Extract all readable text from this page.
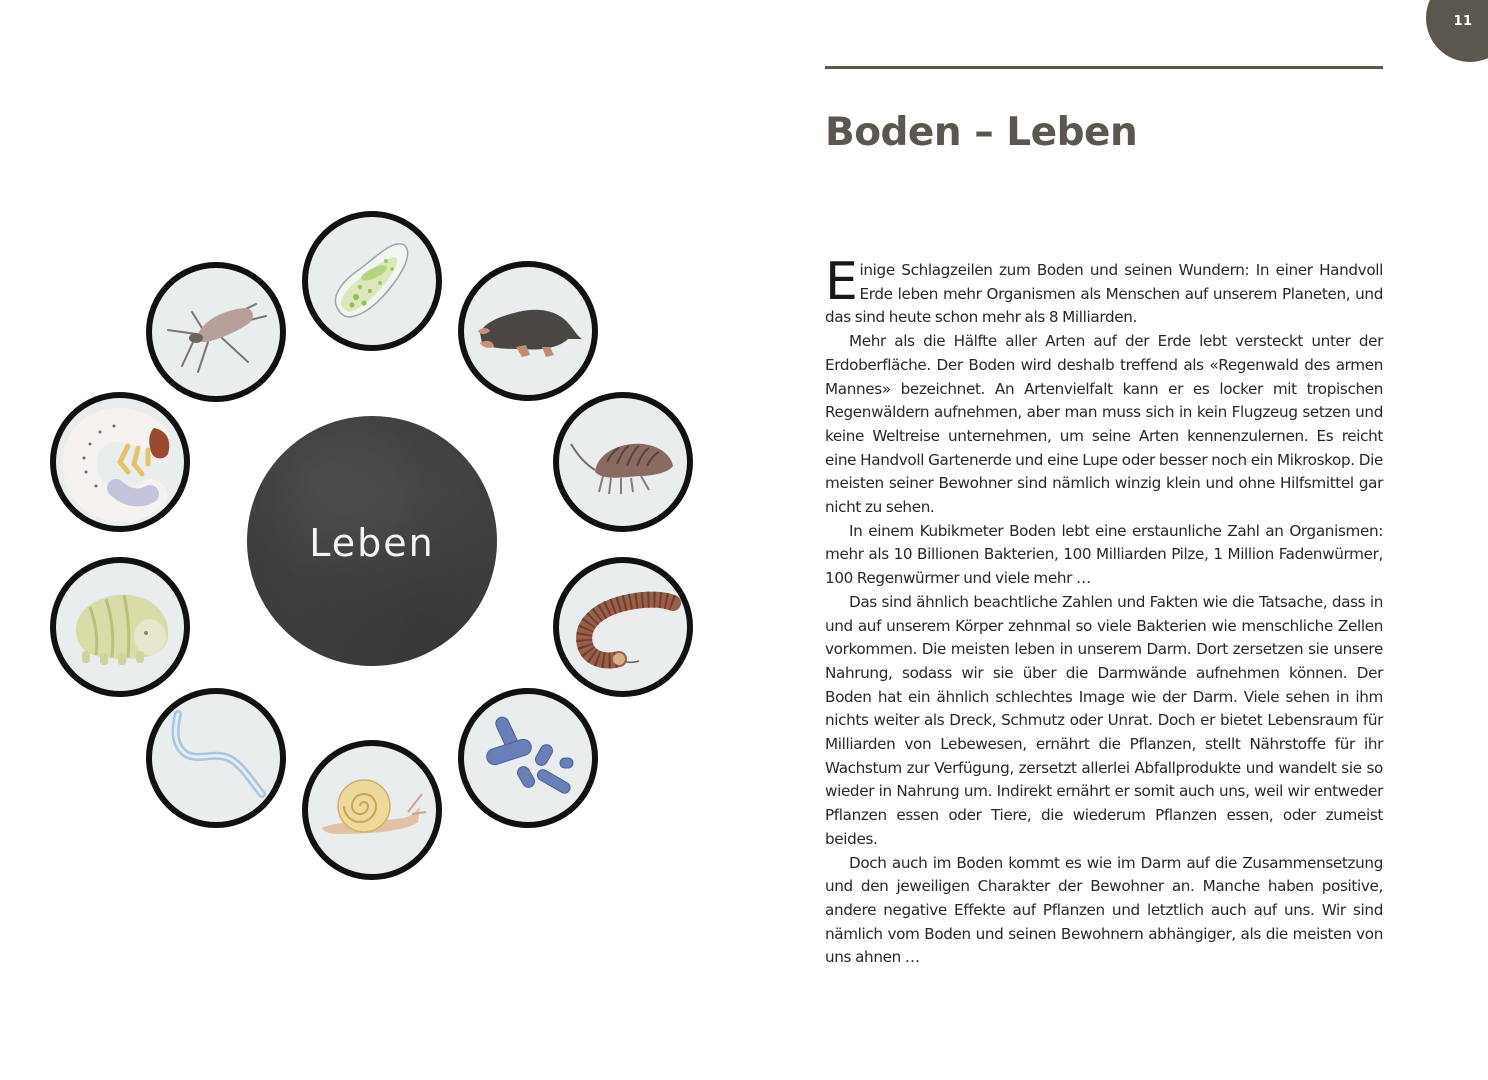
11
Leben
Boden – Leben

Einige Schlagzeilen zum Boden und seinen Wundern: In einer Handvoll Erde leben mehr Organismen als Menschen auf unserem Planeten, und das sind heute schon mehr als 8 Milliarden.

Mehr als die Hälfte aller Arten auf der Erde lebt versteckt unter der Erdoberfläche. Der Boden wird deshalb treffend als «Regenwald des armen Mannes» bezeichnet. An Artenvielfalt kann er es locker mit tropischen Regenwäldern aufnehmen, aber man muss sich in kein Flugzeug setzen und keine Weltreise unternehmen, um seine Arten kennenzulernen. Es reicht eine Handvoll Gartenerde und eine Lupe oder besser noch ein Mikroskop. Die meisten seiner Bewohner sind nämlich winzig klein und ohne Hilfsmittel gar nicht zu sehen.

In einem Kubikmeter Boden lebt eine erstaunliche Zahl an Organismen: mehr als 10 Billionen Bakterien, 100 Milliarden Pilze, 1 Million Fadenwürmer, 100 Regenwürmer und viele mehr …

Das sind ähnlich beachtliche Zahlen und Fakten wie die Tatsache, dass in und auf unserem Körper zehnmal so viele Bakterien wie menschliche Zellen vorkommen. Die meisten leben in unserem Darm. Dort zersetzen sie unsere Nahrung, sodass wir sie über die Darmwände aufnehmen können. Der Boden hat ein ähnlich schlechtes Image wie der Darm. Viele sehen in ihm nichts weiter als Dreck, Schmutz oder Unrat. Doch er bietet Lebensraum für Milliarden von Lebewesen, ernährt die Pflanzen, stellt Nährstoffe für ihr Wachstum zur Verfügung, zersetzt allerlei Abfallprodukte und wandelt sie so wieder in Nahrung um. Indirekt ernährt er somit auch uns, weil wir entweder Pflanzen essen oder Tiere, die wiederum Pflanzen essen, oder zumeist beides.

Doch auch im Boden kommt es wie im Darm auf die Zusammensetzung und den jeweiligen Charakter der Bewohner an. Manche haben positive, andere negative Effekte auf Pflanzen und letztlich auch auf uns. Wir sind nämlich vom Boden und seinen Bewohnern abhängiger, als die meisten von uns ahnen …
